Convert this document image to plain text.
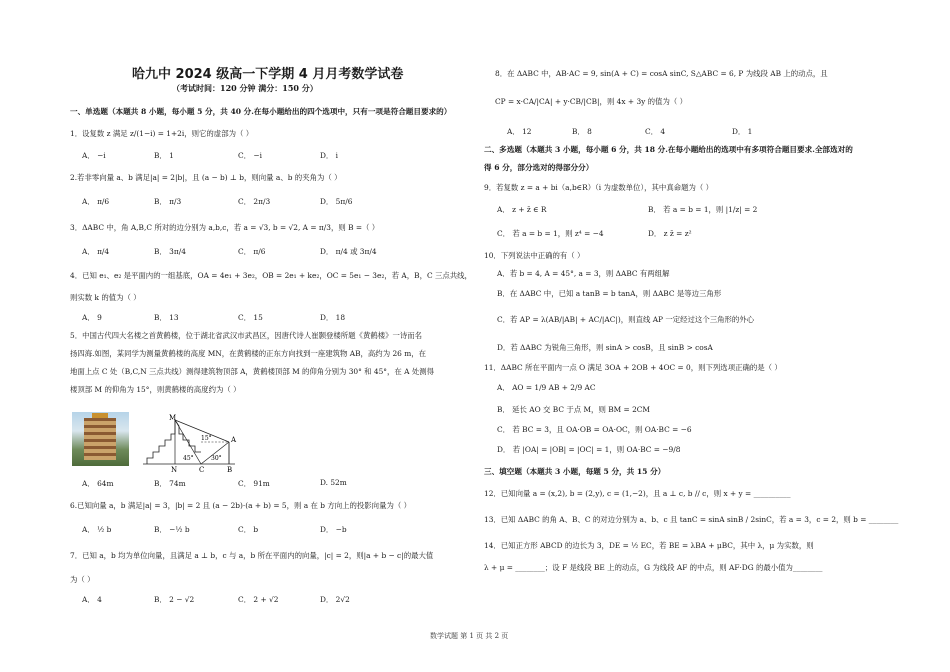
哈九中 2024 级高一下学期 4 月月考数学试卷
（考试时间：120 分钟 满分：150 分）
一、单选题（本题共 8 小题，每小题 5 分，共 40 分.在每小题给出的四个选项中，只有一项是符合题目要求的）
1．设复数 z 满足 z/(1−i) = 1+2i，则它的虚部为（ ）
A． −i	B． 1	C． −i	D． i
2.若非零向量 a、b 满足|a| = 2|b|，且 (a − b) ⊥ b，则向量 a、b 的夹角为（ ）
A． π/6	B． π/3	C． 2π/3	D． 5π/6
3．ΔABC 中，角 A,B,C 所对的边分别为 a,b,c，若 a = √3, b = √2, A = π/3，则 B =（ ）
A． π/4	B． 3π/4	C． π/6	D． π/4 或 3π/4
4．已知 e₁、e₂ 是平面内的一组基底，OA = 4e₁ + 3e₂，OB = 2e₁ + ke₂，OC = 5e₁ − 3e₂，若 A，B，C 三点共线，
则实数 k 的值为（ ）
A． 9	B． 13	C． 15	D． 18
5．中国古代四大名楼之首黄鹤楼，位于湖北省武汉市武昌区，因唐代诗人崔颢登楼所题《黄鹤楼》一诗而名
扬四海.如图，某同学为测量黄鹤楼的高度 MN，在黄鹤楼的正东方向找到一座建筑物 AB，高约为 26 m，在
地面上点 C 处（B,C,N 三点共线）测得建筑物顶部 A，黄鹤楼顶部 M 的仰角分别为 30° 和 45°，在 A 处测得
楼顶部 M 的仰角为 15°，则黄鹤楼的高度约为（ ）
M
N	C	B
A
15°
45°	30°
A． 64m	B． 74m	C． 91m	D. 52m
6.已知向量 a，b 满足|a| = 3，|b| = 2 且 (a − 2b)·(a + b) = 5，则 a 在 b 方向上的投影向量为（ ）
A． ½ b	B． −½ b	C． b	D． −b
7．已知 a，b 均为单位向量，且满足 a ⊥ b，c 与 a，b 所在平面内的向量，|c| = 2，则|a + b − c|的最大值
为（ ）
A． 4	B． 2 − √2	C． 2 + √2	D． 2√2
8．在 ΔABC 中，AB·AC = 9, sin(A + C) = cosA sinC, S△ABC = 6, P 为线段 AB 上的动点，且
CP = x·CA/|CA| + y·CB/|CB|，则 4x + 3y 的值为（ ）
A． 12	B． 8	C． 4	D． 1
二、多选题（本题共 3 小题，每小题 6 分，共 18 分.在每小题给出的选项中有多项符合题目要求.全部选对的
得 6 分，部分选对的得部分分）
9．若复数 z = a + bi（a,b∈R）（i 为虚数单位），其中真命题为（ ）
A． z + z̄ ∈ R	B． 若 a = b = 1，则 |1/z| = 2
C． 若 a = b = 1，则 z⁴ = −4	D． z z̄ = z²
10．下列说法中正确的有（ ）
A．若 b = 4, A = 45°, a = 3，则 ΔABC 有两组解
B．在 ΔABC 中，已知 a tanB = b tanA，则 ΔABC 是等边三角形
C．若 AP = λ(AB/|AB| + AC/|AC|)，则直线 AP 一定经过这个三角形的外心
D．若 ΔABC 为锐角三角形，则 sinA > cosB，且 sinB > cosA
11．ΔABC 所在平面内一点 O 满足 3OA + 2OB + 4OC = 0，则下列选项正确的是（ ）
A． AO = 1/9 AB + 2/9 AC
B． 延长 AO 交 BC 于点 M，则 BM = 2CM
C． 若 BC = 3，且 OA·OB = OA·OC，则 OA·BC = −6
D． 若 |OA| = |OB| = |OC| = 1，则 OA·BC = −9/8
三、填空题（本题共 3 小题，每题 5 分，共 15 分）
12．已知向量 a = (x,2), b = (2,y), c = (1,−2)，且 a ⊥ c, b // c，则 x + y = __________
13．已知 ΔABC 的角 A、B、C 的对边分别为 a、b、c 且 tanC = sinA sinB / 2sinC，若 a = 3，c = 2，则 b = ________
14．已知正方形 ABCD 的边长为 3，DE = ½ EC，若 BE = λBA + μBC，其中 λ，μ 为实数，则
λ + μ = ________；设 F 是线段 BE 上的动点，G 为线段 AF 的中点，则 AF·DG 的最小值为________
数学试题 第 1 页 共 2 页
